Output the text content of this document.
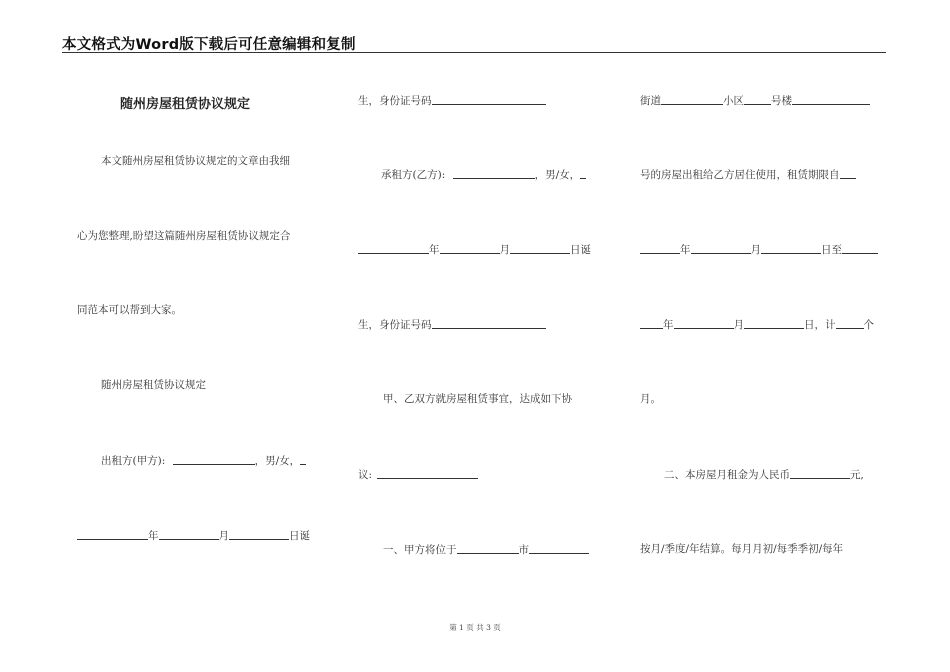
本文格式为Word版下载后可任意编辑和复制
随州房屋租赁协议规定
本文随州房屋租赁协议规定的文章由我细
心为您整理,盼望这篇随州房屋租赁协议规定合
同范本可以帮到大家。
随州房屋租赁协议规定
出租方(甲方):	，男/女，
年	月	日诞
生，身份证号码
承租方(乙方):	，男/女，
年	月	日诞
生，身份证号码
甲、乙双方就房屋租赁事宜，达成如下协
议:
一、甲方将位于	市
街道	小区	号楼
号的房屋出租给乙方居住使用，租赁期限自
年	月	日至
年	月	日，计	个
月。
二、本房屋月租金为人民币	元,
按月/季度/年结算。每月月初/每季季初/每年
第 1 页 共 3 页
